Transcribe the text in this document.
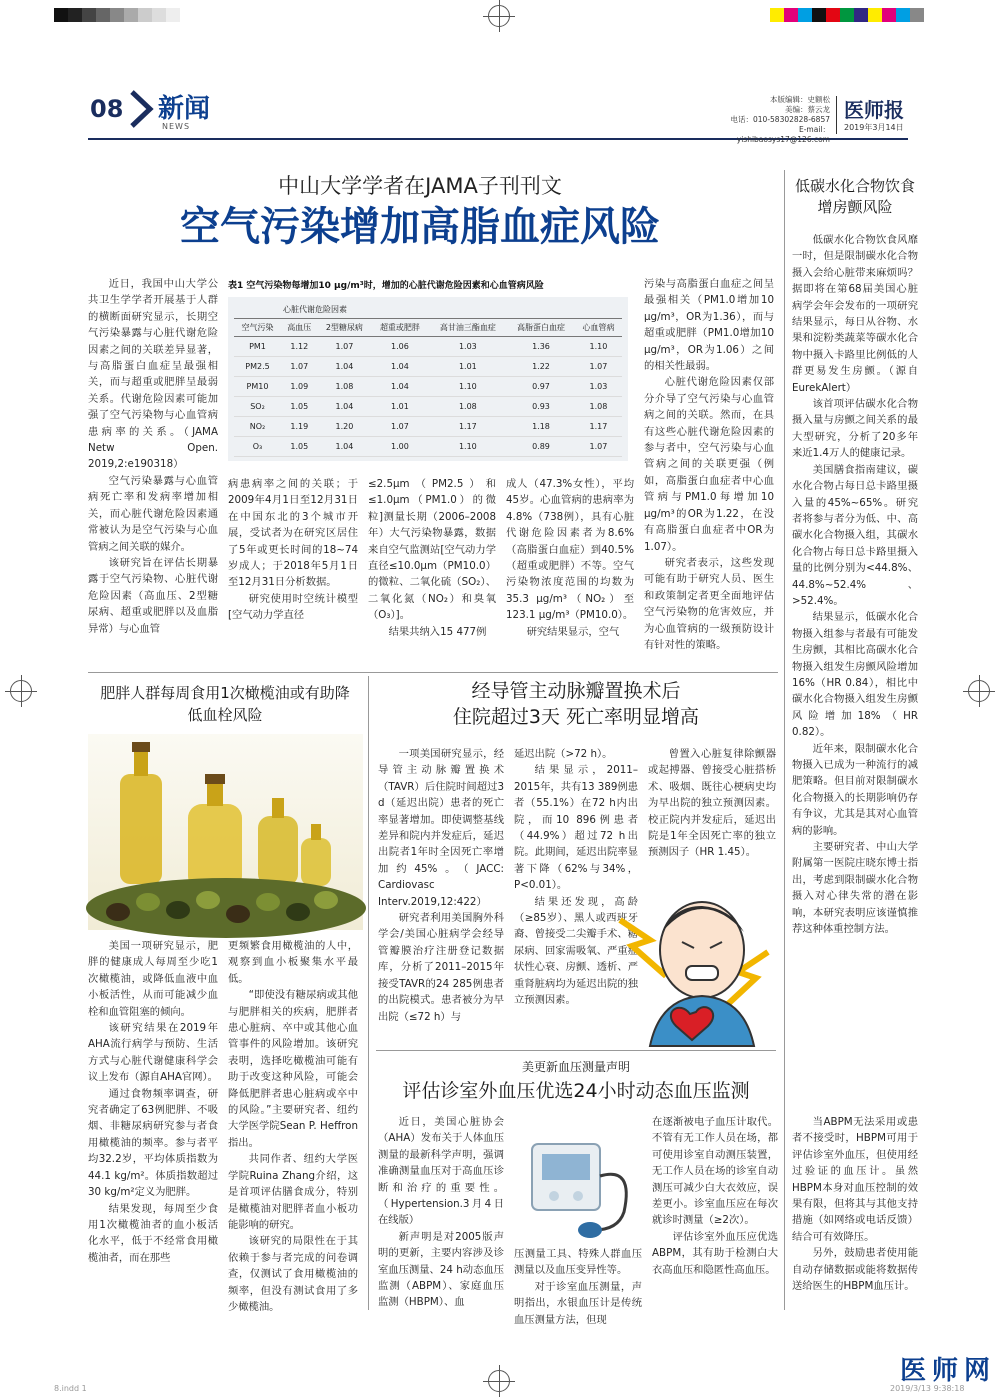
08 新闻
NEWS
本版编辑：史额松
美编：蔡云龙
电话：010-58302828-6857
E-mail：yishibaosys17@126.com
医师报
2019年3月14日
中山大学学者在JAMA子刊刊文
空气污染增加高脂血症风险

近日，我国中山大学公共卫生学学者开展基于人群的横断面研究显示，长期空气污染暴露与心脏代谢危险因素之间的关联差异显著，与高脂蛋白血症呈最强相关，而与超重或肥胖呈最弱关系。代谢危险因素可能加强了空气污染物与心血管病患病率的关系。（JAMA Netw Open. 2019,2:e190318）

空气污染暴露与心血管病死亡率和发病率增加相关，而心脏代谢危险因素通常被认为是空气污染与心血管病之间关联的媒介。

该研究旨在评估长期暴露于空气污染物、心脏代谢危险因素（高血压、2型糖尿病、超重或肥胖以及血脂异常）与心血管

表1 空气污染物每增加10 μg/m³时，增加的心脏代谢危险因素和心血管病风险
	心脏代谢危险因素					
空气污染	高血压	2型糖尿病	超重或肥胖	高甘油三酯血症	高脂蛋白血症	心血管病
PM1	1.12	1.07	1.06	1.03	1.36	1.10
PM2.5	1.07	1.04	1.04	1.01	1.22	1.07
PM10	1.09	1.08	1.04	1.10	0.97	1.03
SO₂	1.05	1.04	1.01	1.08	0.93	1.08
NO₂	1.19	1.20	1.07	1.17	1.18	1.17
O₃	1.05	1.04	1.00	1.10	0.89	1.07

病患病率之间的关联；于2009年4月1日至12月31日在中国东北的3个城市开展，受试者为在研究区居住了5年或更长时间的18~74岁成人；于2018年5月1日至12月31日分析数据。

研究使用时空统计模型[空气动力学直径

≤2.5μm（PM2.5）和≤1.0μm（PM1.0）的微粒]测量长期（2006–2008年）大气污染物暴露，数据来自空气监测站[空气动力学直径≤10.0μm（PM10.0）的微粒、二氧化硫（SO₂）、二氧化氮（NO₂）和臭氧（O₃）]。

结果共纳入15 477例

成人（47.3%女性），平均45岁。心血管病的患病率为4.8%（738例），具有心脏代谢危险因素者为8.6%（高脂蛋白血症）到40.5%（超重或肥胖）不等。空气污染物浓度范围的均数为35.3 μg/m³（NO₂）至123.1 μg/m³（PM10.0）。

研究结果显示，空气

污染与高脂蛋白血症之间呈最强相关（PM1.0增加10 μg/m³，OR为1.36），而与超重或肥胖（PM1.0增加10 μg/m³，OR为1.06）之间的相关性最弱。

心脏代谢危险因素仅部分介导了空气污染与心血管病之间的关联。然而，在具有这些心脏代谢危险因素的参与者中，空气污染与心血管病之间的关联更强（例如，高脂蛋白血症者中心血管病与PM1.0每增加10 μg/m³的OR为1.22，在没有高脂蛋白血症者中OR为1.07）。

研究者表示，这些发现可能有助于研究人员、医生和政策制定者更全面地评估空气污染物的危害效应，并为心血管病的一级预防设计有针对性的策略。

低碳水化合物饮食增房颤风险

低碳水化合物饮食风靡一时，但是限制碳水化合物摄入会给心脏带来麻烦吗？据即将在第68届美国心脏病学会年会发布的一项研究结果显示，每日从谷物、水果和淀粉类蔬菜等碳水化合物中摄入卡路里比例低的人群更易发生房颤。（源自EurekAlert）

该首项评估碳水化合物摄入量与房颤之间关系的最大型研究，分析了20多年来近1.4万人的健康记录。

美国膳食指南建议，碳水化合物占每日总卡路里摄入量的45%~65%。研究者将参与者分为低、中、高碳水化合物摄入组，其碳水化合物占每日总卡路里摄入量的比例分别为<44.8%、44.8%~52.4%、>52.4%。

结果显示，低碳水化合物摄入组参与者最有可能发生房颤，其相比高碳水化合物摄入组发生房颤风险增加16%（HR 0.84），相比中碳水化合物摄入组发生房颤风险增加18%（HR 0.82）。

近年来，限制碳水化合物摄入已成为一种流行的减肥策略。但目前对限制碳水化合物摄入的长期影响仍存有争议，尤其是其对心血管病的影响。

主要研究者、中山大学附属第一医院庄晓东博士指出，考虑到限制碳水化合物摄入对心律失常的潜在影响，本研究表明应该谨慎推荐这种体重控制方法。

肥胖人群每周食用1次橄榄油或有助降低血栓风险

美国一项研究显示，肥胖的健康成人每周至少吃1次橄榄油，或降低血液中血小板活性，从而可能减少血栓和血管阻塞的倾向。

该研究结果在2019年AHA流行病学与预防、生活方式与心脏代谢健康科学会议上发布（源自AHA官网）。

通过食物频率调查，研究者确定了63例肥胖、不吸烟、非糖尿病研究参与者食用橄榄油的频率。参与者平均32.2岁，平均体质指数为44.1 kg/m²。体质指数超过30 kg/m²定义为肥胖。

结果发现，每周至少食用1次橄榄油者的血小板活化水平，低于不经常食用橄榄油者，而在那些

更频繁食用橄榄油的人中，观察到血小板聚集水平最低。

“即使没有糖尿病或其他与肥胖相关的疾病，肥胖者患心脏病、卒中或其他心血管事件的风险增加。该研究表明，选择吃橄榄油可能有助于改变这种风险，可能会降低肥胖者患心脏病或卒中的风险。”主要研究者、纽约大学医学院Sean P. Heffron指出。

共同作者、纽约大学医学院Ruina Zhang介绍，这是首项评估膳食成分，特别是橄榄油对肥胖者血小板功能影响的研究。

该研究的局限性在于其依赖于参与者完成的问卷调查，仅测试了食用橄榄油的频率，但没有测试食用了多少橄榄油。

经导管主动脉瓣置换术后
住院超过3天 死亡率明显增高

一项美国研究显示，经导管主动脉瓣置换术（TAVR）后住院时间超过3 d（延迟出院）患者的死亡率显著增加。即使调整基线差异和院内并发症后，延迟出院者1年时全因死亡率增加约45%。（JACC: Cardiovasc Interv.2019,12:422）

研究者利用美国胸外科学会/美国心脏病学会经导管瓣膜治疗注册登记数据库，分析了2011–2015年接受TAVR的24 285例患者的出院模式。患者被分为早出院（≤72 h）与

延迟出院（>72 h）。

结果显示，2011–2015年，共有13 389例患者（55.1%）在72 h内出院，而10 896例患者（44.9%）超过72 h出院。此期间，延迟出院率显著下降（62%与34%，P<0.01）。

结果还发现，高龄（≥85岁）、黑人或西班牙裔、曾接受二尖瓣手术、糖尿病、回家需吸氧、严重症状性心衰、房颤、透析、严重肾脏病均为延迟出院的独立预测因素。

曾置入心脏复律除颤器或起搏器、曾接受心脏搭桥术、吸烟、既往心梗病史均为早出院的独立预测因素。校正院内并发症后，延迟出院是1年全因死亡率的独立预测因子（HR 1.45）。

美更新血压测量声明
评估诊室外血压优选24小时动态血压监测

近日，美国心脏协会（AHA）发布关于人体血压测量的最新科学声明，强调准确测量血压对于高血压诊断和治疗的重要性。（Hypertension.3月4日在线版）

新声明是对2005版声明的更新，主要内容涉及诊室血压测量、24 h动态血压监测（ABPM）、家庭血压监测（HBPM）、血

压测量工具、特殊人群血压测量以及血压变异性等。

对于诊室血压测量，声明指出，水银血压计是传统血压测量方法，但现

在逐渐被电子血压计取代。不管有无工作人员在场，都可使用诊室自动测压装置，无工作人员在场的诊室自动测压可减少白大衣效应，误差更小。诊室血压应在每次就诊时测量（≥2次）。

评估诊室外血压应优选ABPM，其有助于检测白大衣高血压和隐匿性高血压。

当ABPM无法采用或患者不接受时，HBPM可用于评估诊室外血压，但使用经过验证的血压计。虽然HBPM本身对血压控制的效果有限，但将其与其他支持措施（如网络或电话反馈）结合可有效降压。

另外，鼓励患者使用能自动存储数据或能将数据传送给医生的HBPM血压计。

8.indd 1	2019/3/13 9:38:18
医师网
